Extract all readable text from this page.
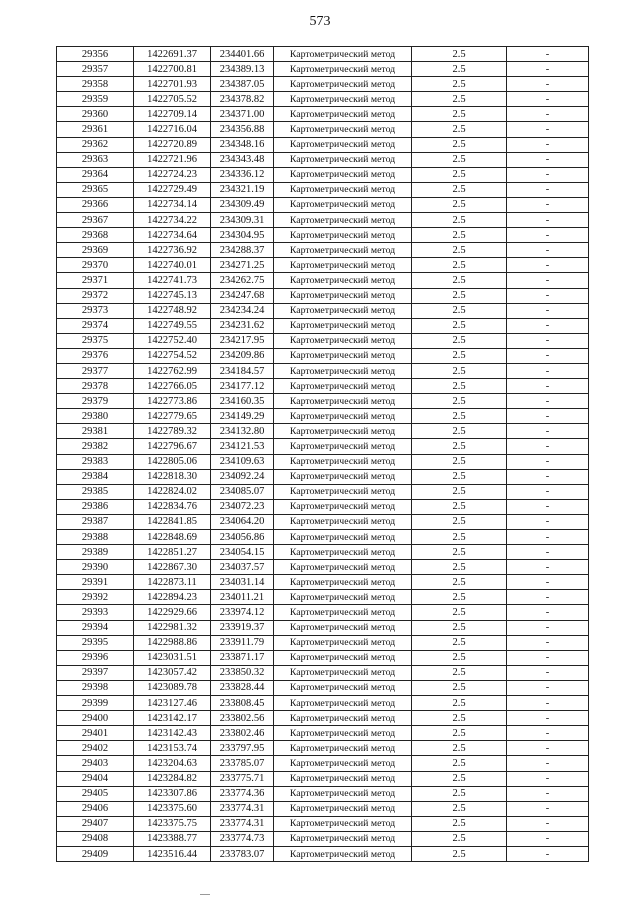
573
29356	1422691.37	234401.66	Картометрический метод	2.5	-
29357	1422700.81	234389.13	Картометрический метод	2.5	-
29358	1422701.93	234387.05	Картометрический метод	2.5	-
29359	1422705.52	234378.82	Картометрический метод	2.5	-
29360	1422709.14	234371.00	Картометрический метод	2.5	-
29361	1422716.04	234356.88	Картометрический метод	2.5	-
29362	1422720.89	234348.16	Картометрический метод	2.5	-
29363	1422721.96	234343.48	Картометрический метод	2.5	-
29364	1422724.23	234336.12	Картометрический метод	2.5	-
29365	1422729.49	234321.19	Картометрический метод	2.5	-
29366	1422734.14	234309.49	Картометрический метод	2.5	-
29367	1422734.22	234309.31	Картометрический метод	2.5	-
29368	1422734.64	234304.95	Картометрический метод	2.5	-
29369	1422736.92	234288.37	Картометрический метод	2.5	-
29370	1422740.01	234271.25	Картометрический метод	2.5	-
29371	1422741.73	234262.75	Картометрический метод	2.5	-
29372	1422745.13	234247.68	Картометрический метод	2.5	-
29373	1422748.92	234234.24	Картометрический метод	2.5	-
29374	1422749.55	234231.62	Картометрический метод	2.5	-
29375	1422752.40	234217.95	Картометрический метод	2.5	-
29376	1422754.52	234209.86	Картометрический метод	2.5	-
29377	1422762.99	234184.57	Картометрический метод	2.5	-
29378	1422766.05	234177.12	Картометрический метод	2.5	-
29379	1422773.86	234160.35	Картометрический метод	2.5	-
29380	1422779.65	234149.29	Картометрический метод	2.5	-
29381	1422789.32	234132.80	Картометрический метод	2.5	-
29382	1422796.67	234121.53	Картометрический метод	2.5	-
29383	1422805.06	234109.63	Картометрический метод	2.5	-
29384	1422818.30	234092.24	Картометрический метод	2.5	-
29385	1422824.02	234085.07	Картометрический метод	2.5	-
29386	1422834.76	234072.23	Картометрический метод	2.5	-
29387	1422841.85	234064.20	Картометрический метод	2.5	-
29388	1422848.69	234056.86	Картометрический метод	2.5	-
29389	1422851.27	234054.15	Картометрический метод	2.5	-
29390	1422867.30	234037.57	Картометрический метод	2.5	-
29391	1422873.11	234031.14	Картометрический метод	2.5	-
29392	1422894.23	234011.21	Картометрический метод	2.5	-
29393	1422929.66	233974.12	Картометрический метод	2.5	-
29394	1422981.32	233919.37	Картометрический метод	2.5	-
29395	1422988.86	233911.79	Картометрический метод	2.5	-
29396	1423031.51	233871.17	Картометрический метод	2.5	-
29397	1423057.42	233850.32	Картометрический метод	2.5	-
29398	1423089.78	233828.44	Картометрический метод	2.5	-
29399	1423127.46	233808.45	Картометрический метод	2.5	-
29400	1423142.17	233802.56	Картометрический метод	2.5	-
29401	1423142.43	233802.46	Картометрический метод	2.5	-
29402	1423153.74	233797.95	Картометрический метод	2.5	-
29403	1423204.63	233785.07	Картометрический метод	2.5	-
29404	1423284.82	233775.71	Картометрический метод	2.5	-
29405	1423307.86	233774.36	Картометрический метод	2.5	-
29406	1423375.60	233774.31	Картометрический метод	2.5	-
29407	1423375.75	233774.31	Картометрический метод	2.5	-
29408	1423388.77	233774.73	Картометрический метод	2.5	-
29409	1423516.44	233783.07	Картометрический метод	2.5	-
